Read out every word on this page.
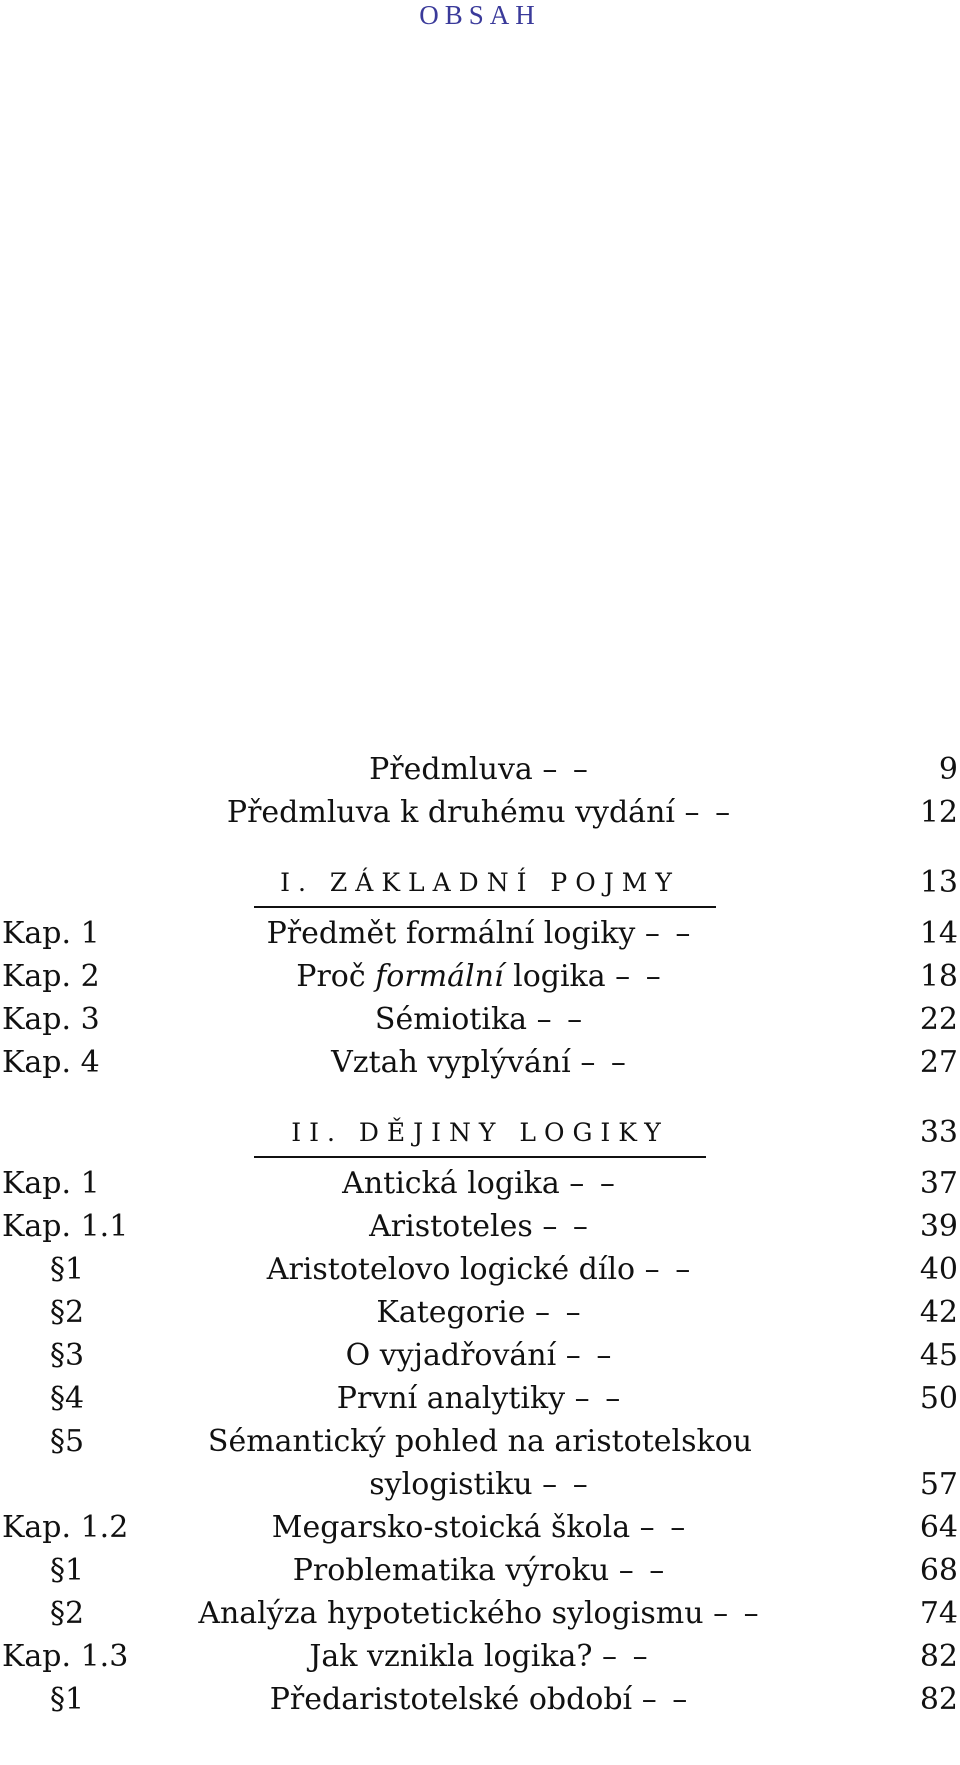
OBSAH
Předmluva – –	9
Předmluva k druhému vydání – –	12
I. ZÁKLADNÍ POJMY	13
Kap. 1	Předmět formální logiky – –	14
Kap. 2	Proč formální logika – –	18
Kap. 3	Sémiotika – –	22
Kap. 4	Vztah vyplývání – –	27
II. DĚJINY LOGIKY	33
Kap. 1	Antická logika – –	37
Kap. 1.1	Aristoteles – –	39
§1	Aristotelovo logické dílo – –	40
§2	Kategorie – –	42
§3	O vyjadřování – –	45
§4	První analytiky – –	50
§5	Sémantický pohled na aristotelskou
sylogistiku – –	57
Kap. 1.2	Megarsko-stoická škola – –	64
§1	Problematika výroku – –	68
§2	Analýza hypotetického sylogismu – –	74
Kap. 1.3	Jak vznikla logika? – –	82
§1	Předaristotelské období – –	82
